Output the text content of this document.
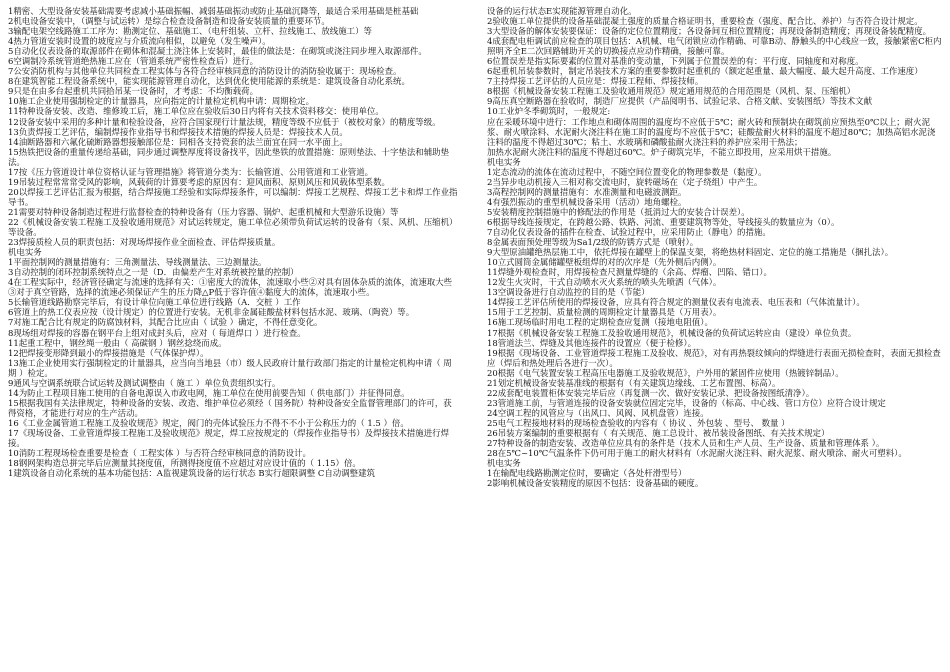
1精密、大型设备安装基础需要考虑减小基础振幅、减弱基础振动或防止基础沉降等，最适合采用基础是桩基础

2机电设备安装中，（调整与试运转）是综合检查设备制造和设备安装质量的重要环节。

3输配电架空线路施工工序为：勘测定位、基础施工、（电杆组装、立杆、拉线施工、放线施工）等

4热力管道安装时设置的坡度应与介质流向相似，以避免（发生噪声）。

5自动化仪表设备的取源部件在砌体和混凝土浇注体上安装时，最佳的做法是：在砌筑或浇注同步埋入取源部件。

6空调制冷系统管道绝热施工应在（管道系统严密性检查后）进行。

7公安消防机构与其他单位共同检查工程实体与各符合经审核同意的消防设计的消防验收属于：现场检查。

8在建筑智能工程设备系统中，能实现能源管理自动化，达到优化使用能源的系统是：建筑设备自动化系统。

9只是在由多台起重机共同拾吊某一设备时，才考虑：不均衡载荷。

10施工企业使用强制检定的计量器具，应向指定的计量检定机构申请：周期检定。

11特种设备安装、改造、维修竣工后，施工单位应在验收后30日内将有关技术资料移交：使用单位。

12设备安装中采用的多种计量和检验设备，应符合国家现行计量法规，精度等级不应低于（被校对象）的精度等级。

13负责焊接工艺评估，编制焊接作业指导书和焊接技术措施的焊接人员是：焊接技术人员。

14油断路器和六氟化硫断路器想接触部位是：同相各支持瓷套的法兰面宜在同一水平面上。

15热铁把设备的重量传递给基础，同步通过调整厚度将设备找平，因此垫铁的放置措施：原则垫法、十字垫法和辅助垫法。

17按《压力管道设计单位资格认证与管理措施》将管道分类为：长输管道、公用管道和工业管道。

19吊装过程常常常受风的影响，风载荷的计算要考虑的原因有：迎风面积、原则风压和风载体型系数。

20以焊接工艺评估汇报为根据，结合焊接施工经验和实际焊接条件，可以编制：焊接工艺规程、焊接工艺卡和焊工作业指导书。

21需要对特种设备制造过程进行监督检查的特种设备有（压力容器、锅炉、起重机械和大型游乐设施）等

22《机械设备安装工程施工及验收通用规范》对试运转规定，施工单位必须带负荷试运转的设备有（泵、风机、压缩机）等设备。

23焊接质检人员的职责包括：对现场焊接作业全面检查、评估焊接质量。

机电实务

1平面控制网的测量措施有：三角测量法、导线测量法、三边测量法。

3自动控制的闭环控制系统特点之一是（D．由偏差产生对系统被控量的控制）

4在工程实际中，经济管径确定与流速的选择有关：①密度大的流体，流速取小些②对具有固体杂质的流体，流速取大些③对于真空管路，选择的流速必须保证产生的压力降△P低于容许值④黏度大的流体，流速取小些。

5长输管道线路勘察完毕后，有设计单位向施工单位进行线路（A．交桩 ）工作

6管道上的热工仪表应按（设计规定）的位置进行安装。无机非金属硅酸盐材料包括水泥、玻璃、（陶瓷）等。

7对施工配合比有规定的防腐蚀材料，其配合比应由（ 试验 ）确定，不得任意变化。

8现场组对焊接的容器在钢平台上组对成封头后，应对（ 每道焊口 ）进行检查。

11起重工程中，钢丝绳一般由（ 高碳钢 ）钢丝捻绕而成。

12把焊接变形降到最小的焊接措施是（气体保护焊）。

13施工企业使用实行强制检定的计量器具，应当向当地县（市）级人民政府计量行政部门指定的计量检定机构申请（ 周期 ）检定。

9通风与空调系统联合试运转及测试调整由（ 施工 ）单位负责组织实行。

14为防止工程项目施工使用的自备电源误入市政电网，施工单位在使用前要告知（ 供电部门）并征得同意。

15根据我国有关法律规定，特种设备的安装、改造、维护单位必须经（ 国务院）特种设备安全监督管理部门的许可，获得资格，才能进行对应的生产活动。

16《工业金属管道工程施工及验收规范》规定，阀门的壳体试验压力不得不不小于公称压力的（ 1.5 ）倍。

17《现场设备、工业管道焊接工程施工及验收规范》规定，焊工应按规定的（焊接作业指导书）及焊接技术措施进行焊接。

10消防工程现场检查重要是检查（ 工程实体 ）与否符合经审核同意的消防设计。

18钢网架构造总拼完毕后应测量其挠度值，所测得挠度值不应超过对应设计值的（ 1.15）倍。

1建筑设备自动化系统的基本功能包括：A监视建筑设备的运行状态 B实行超限调整 C自动调整建筑

设备的运行状态E实现能源管理自动化。

2验收施工单位提供的设备基础混凝土强度的质量合格证明书，重要检查（强度、配合比、养护）与否符合设计规定。

3大型设备的解体安装要保证：设备的定位位置精度；各设备间互相位置精度；再现设备制造精度；再现设备装配精度。

4成套配电柜调试前应检查的项目包括：A机械、电气闭锁应动作精确、可靠B动、静触头的中心线应一致，接触紧密C柜内照明齐全E二次回路辅助开关的切换接点应动作精确，接触可靠。

6位置误差是指实际要素的位置对基准的变动量，下列属于位置误差的有：平行度、同轴度和对称度。

6起重机吊装参数时，制定吊装技术方案的重要参数时起重机的（额定起重量、最大幅度、最大起升高度、工作速度）

7主持焊接工艺评估的人员应是：焊接工程师、焊接技师。

8根据《机械设备安装工程施工及验收通用规范》规定通用规范的合用范围是（风机、泵、压缩机）

9高压真空断路器在验收时，制造厂应提供（产品阅明书、试验记录、合格文献、安装图纸）等技术文献

10工业炉冬季砌筑时，一般规定:

应在采暖环境中进行：工作地点和砌体周围的温度均不应低于5℃；耐火砖和预制块在砌筑前应预热至0℃以上；耐火泥浆、耐火喷涂料、水泥耐火浇注料在施工时的温度均不应低于5℃；硅酸盐耐火材料的温度不超过80℃；加热高铝水泥浇注料的温度不得超过30℃；粘土、水玻璃和磷酸盐耐火浇注料的养护应采用干热法；

加热水泥耐火浇注料的温度不得超过60℃。炉子砌筑完毕，不能立即投用，应采用烘干措施。

机电实务

1定态流动的流体在流动过程中，不随空间位置变化的物理参数是（黏度）。

2当异步电动机接入三相对称交流电时，旋转磁场在（定子绕组）中产生。

3高程控制网的测量措施有：水准测量和电磁波测距。

4有强烈振动的重型机械设备采用（活动）地角螺栓。

5安装精度控制措施中的修配法的作用是（抵消过大的安装合计误差）。

6根据导线连接规定，在跨越公路、铁路、河流、重要建筑物等处，导线接头的数量应为（0）。

7自动化仪表设备的插件在检查、试验过程中，应采用防止（静电）的措施。

8金属表面预处理等级为Sa1/2级的防锈方式是（喷射）。

9大型原油罐绝热层施工中，依托焊接在罐壁上的保温支架，将绝热材料固定、定位的施工措施是（捆扎法）。

10立式圆筒金属储罐壁板组焊的对的次序是（先外侧后内侧）。

11焊缝外观检查时，用焊接检查尺测量焊缝的（余高、焊瘤、凹陷、错口）。

12发生火灾时，干式自动喷水灭火系统的喷头先喷洒（气体）。

13空调设备进行自动监控的目的是（节能）

14焊接工艺评估所使用的焊接设备，应具有符合规定的测量仪表有电流表、电压表和（气体流量计）。

15用于工艺控制、质量检测的周期检定计量器具是（万用表）。

16施工现场临时用电工程的定期检查应复测（接地电阻值）。

17根据《机械设备安装工程施工及验收通用规范》，机械设备的负荷试运转应由（建设）单位负责。

18管道法兰、焊缝及其他连接件的设置应（便于检修）。

19根据《现场设备、工业管道焊接工程施工及验收、规范》，对有再热裂纹倾向的焊缝进行表面无损检查时，表面无损检查应（焊后和热处理后各进行一次）。

20根据《电气装置安装工程高压电器施工及验收规范》，户外用的紧固件应使用（热镀锌制品）。

21划定机械设备安装基准线的根据有（有关建筑边缘线、工艺布置图、标高）。

22成套配电装置柜体安装完毕后应（再复测一次、做好安装记录、把设备按图纸清净）。

23管道施工前，与管道连接的设备安装就位固定完毕，设备的（标高、中心线、管口方位）应符合设计规定

24空调工程的风管应与（出风口、风阀、风机盘管）连接。

25电气工程接地材料的现场检查验收的内容有（ 协议 、外包装 、型号、 数量 ）

26吊装方案编制的重要根据有（ 有关规范、施工总设计、被吊装设备图纸、有关技术规定）

27特种设备的制造安装、改造单位应具有的条件是（技术人员和生产人员、生产设备、质量和管理体系 ）。

28在5℃~10℃气温条件下仍可用于施工的耐火材料有（水泥耐火浇注料、耐火泥浆、耐火喷涂、耐火可塑料）。

机电实务

1在输配电线路勘测定位时，要确定（各处杆滑型号）

2影响机械设备安装精度的原因不包括：设备基础的硬度。
